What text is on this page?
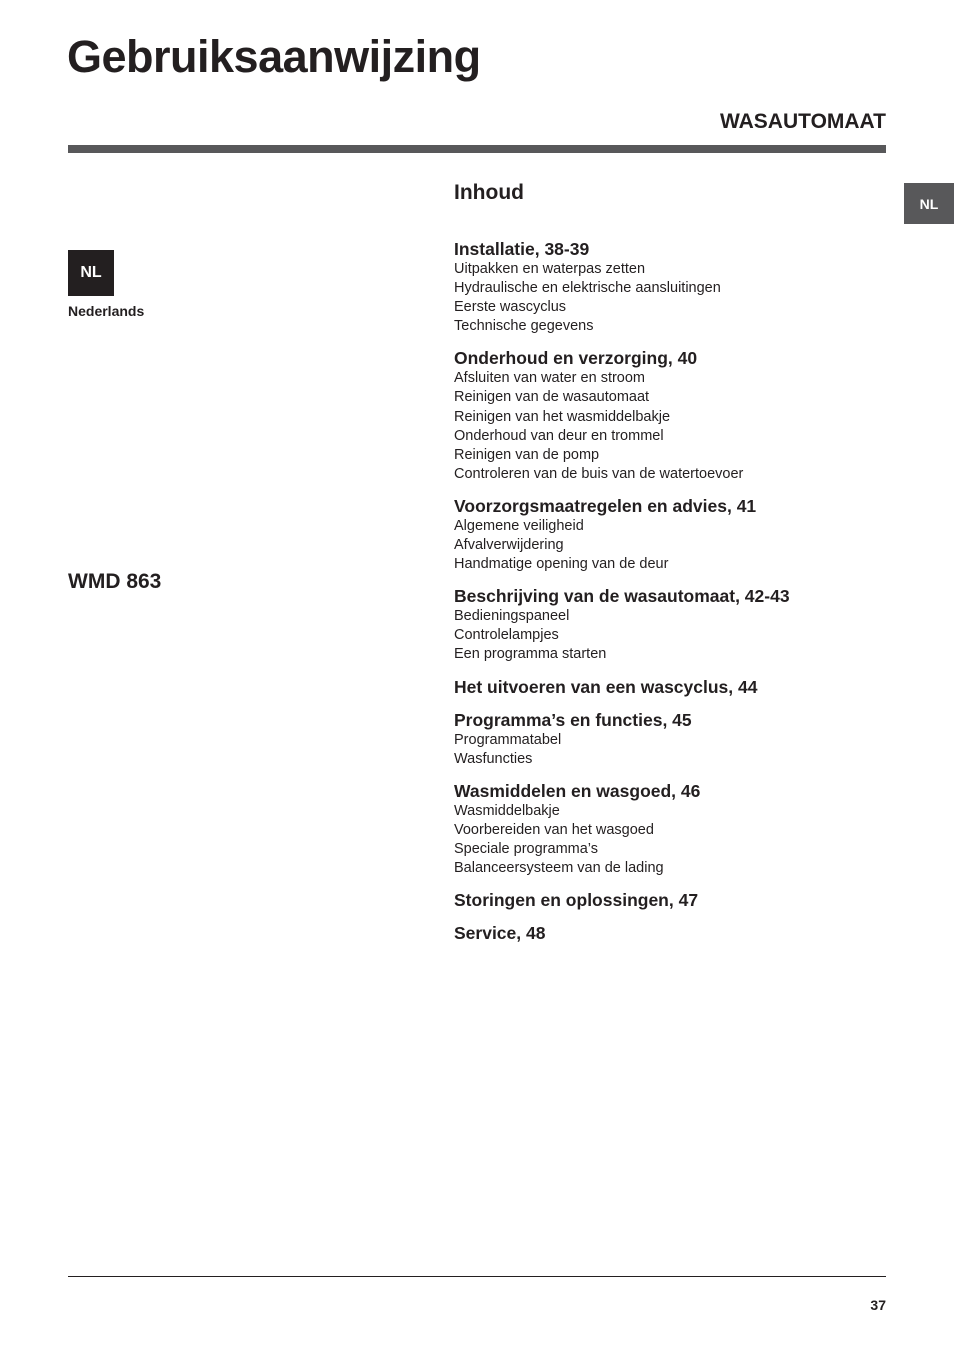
Gebruiksaanwijzing
WASAUTOMAAT
NL
NL
Nederlands
WMD 863
Inhoud
Installatie, 38-39
Uitpakken en waterpas zetten
Hydraulische en elektrische aansluitingen
Eerste wascyclus
Technische gegevens
Onderhoud en verzorging, 40
Afsluiten van water en stroom
Reinigen van de wasautomaat
Reinigen van het wasmiddelbakje
Onderhoud van deur en trommel
Reinigen van de pomp
Controleren van de buis van de watertoevoer
Voorzorgsmaatregelen en advies, 41
Algemene veiligheid
Afvalverwijdering
Handmatige opening van de deur
Beschrijving van de wasautomaat, 42-43
Bedieningspaneel
Controlelampjes
Een programma starten
Het uitvoeren van een wascyclus, 44
Programma’s en functies, 45
Programmatabel
Wasfuncties
Wasmiddelen en wasgoed, 46
Wasmiddelbakje
Voorbereiden van het wasgoed
Speciale programma’s
Balanceersysteem van de lading
Storingen en oplossingen, 47
Service, 48
37
